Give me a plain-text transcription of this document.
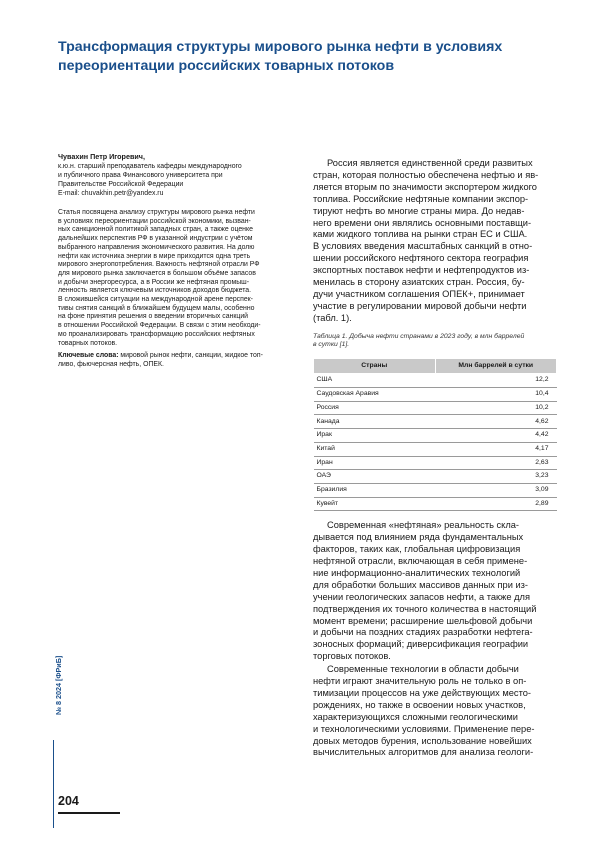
Трансформация структуры мирового рынка нефти в условиях
переориентации российских товарных потоков

Чувахин Петр Игоревич,

к.ю.н. старший преподаватель кафедры международного
и публичного права Финансового университета при
Правительстве Российской Федерации
E-mail: chuvakhin.petr@yandex.ru
Статья посвящена анализу структуры мирового рынка нефти
в условиях переориентации российской экономики, вызван-
ных санкционной политикой западных стран, а также оценке
дальнейших перспектив РФ в указанной индустрии с учётом
выбранного направления экономического развития. На долю
нефти как источника энергии в мире приходится одна треть
мирового энергопотребления. Важность нефтяной отрасли РФ
для мирового рынка заключается в большом объёме запасов
и добычи энергоресурса, а в России же нефтяная промыш-
ленность является ключевым источников доходов бюджета.
В сложившейся ситуации на международной арене перспек-
тивы снятия санкций в ближайшем будущем малы, особенно
на фоне принятия решения о введении вторичных санкций
в отношении Российской Федерации. В связи с этим необходи-
мо проанализировать трансформацию российских нефтяных
товарных потоков.
Ключевые слова: мировой рынок нефти, санкции, жидкое топ-
ливо, фьючерсная нефть, ОПЕК.
Россия является единственной среди развитых
стран, которая полностью обеспечена нефтью и яв-
ляется вторым по значимости экспортером жидкого
топлива. Российские нефтяные компании экспор-
тируют нефть во многие страны мира. До недав-
него времени они являлись основными поставщи-
ками жидкого топлива на рынки стран ЕС и США.
В условиях введения масштабных санкций в отно-
шении российского нефтяного сектора география
экспортных поставок нефти и нефтепродуктов из-
менилась в сторону азиатских стран. Россия, бу-
дучи участником соглашения ОПЕК+, принимает
участие в регулировании мировой добычи нефти
(табл. 1).
Таблица 1. Добыча нефти странами в 2023 году, в млн баррелей
в сутки [1].
Страны	Млн баррелей в сутки
США	12,2
Саудовская Аравия	10,4
Россия	10,2
Канада	4,62
Ирак	4,42
Китай	4,17
Иран	2,63
ОАЭ	3,23
Бразилия	3,09
Кувейт	2,89
Современная «нефтяная» реальность скла-
дывается под влиянием ряда фундаментальных
факторов, таких как, глобальная цифровизация
нефтяной отрасли, включающая в себя примене-
ние информационно-аналитических технологий
для обработки больших массивов данных при из-
учении геологических запасов нефти, а также для
подтверждения их точного количества в настоящий
момент времени; расширение шельфовой добычи
и добычи на поздних стадиях разработки нефтега-
зоносных формаций; диверсификация географии
торговых потоков.
Современные технологии в области добычи
нефти играют значительную роль не только в оп-
тимизации процессов на уже действующих место-
рождениях, но также в освоении новых участков,
характеризующихся сложными геологическими
и технологическими условиями. Применение пере-
довых методов бурения, использование новейших
вычислительных алгоритмов для анализа геологи-
№ 8 2024 [ФРиБ]
204
